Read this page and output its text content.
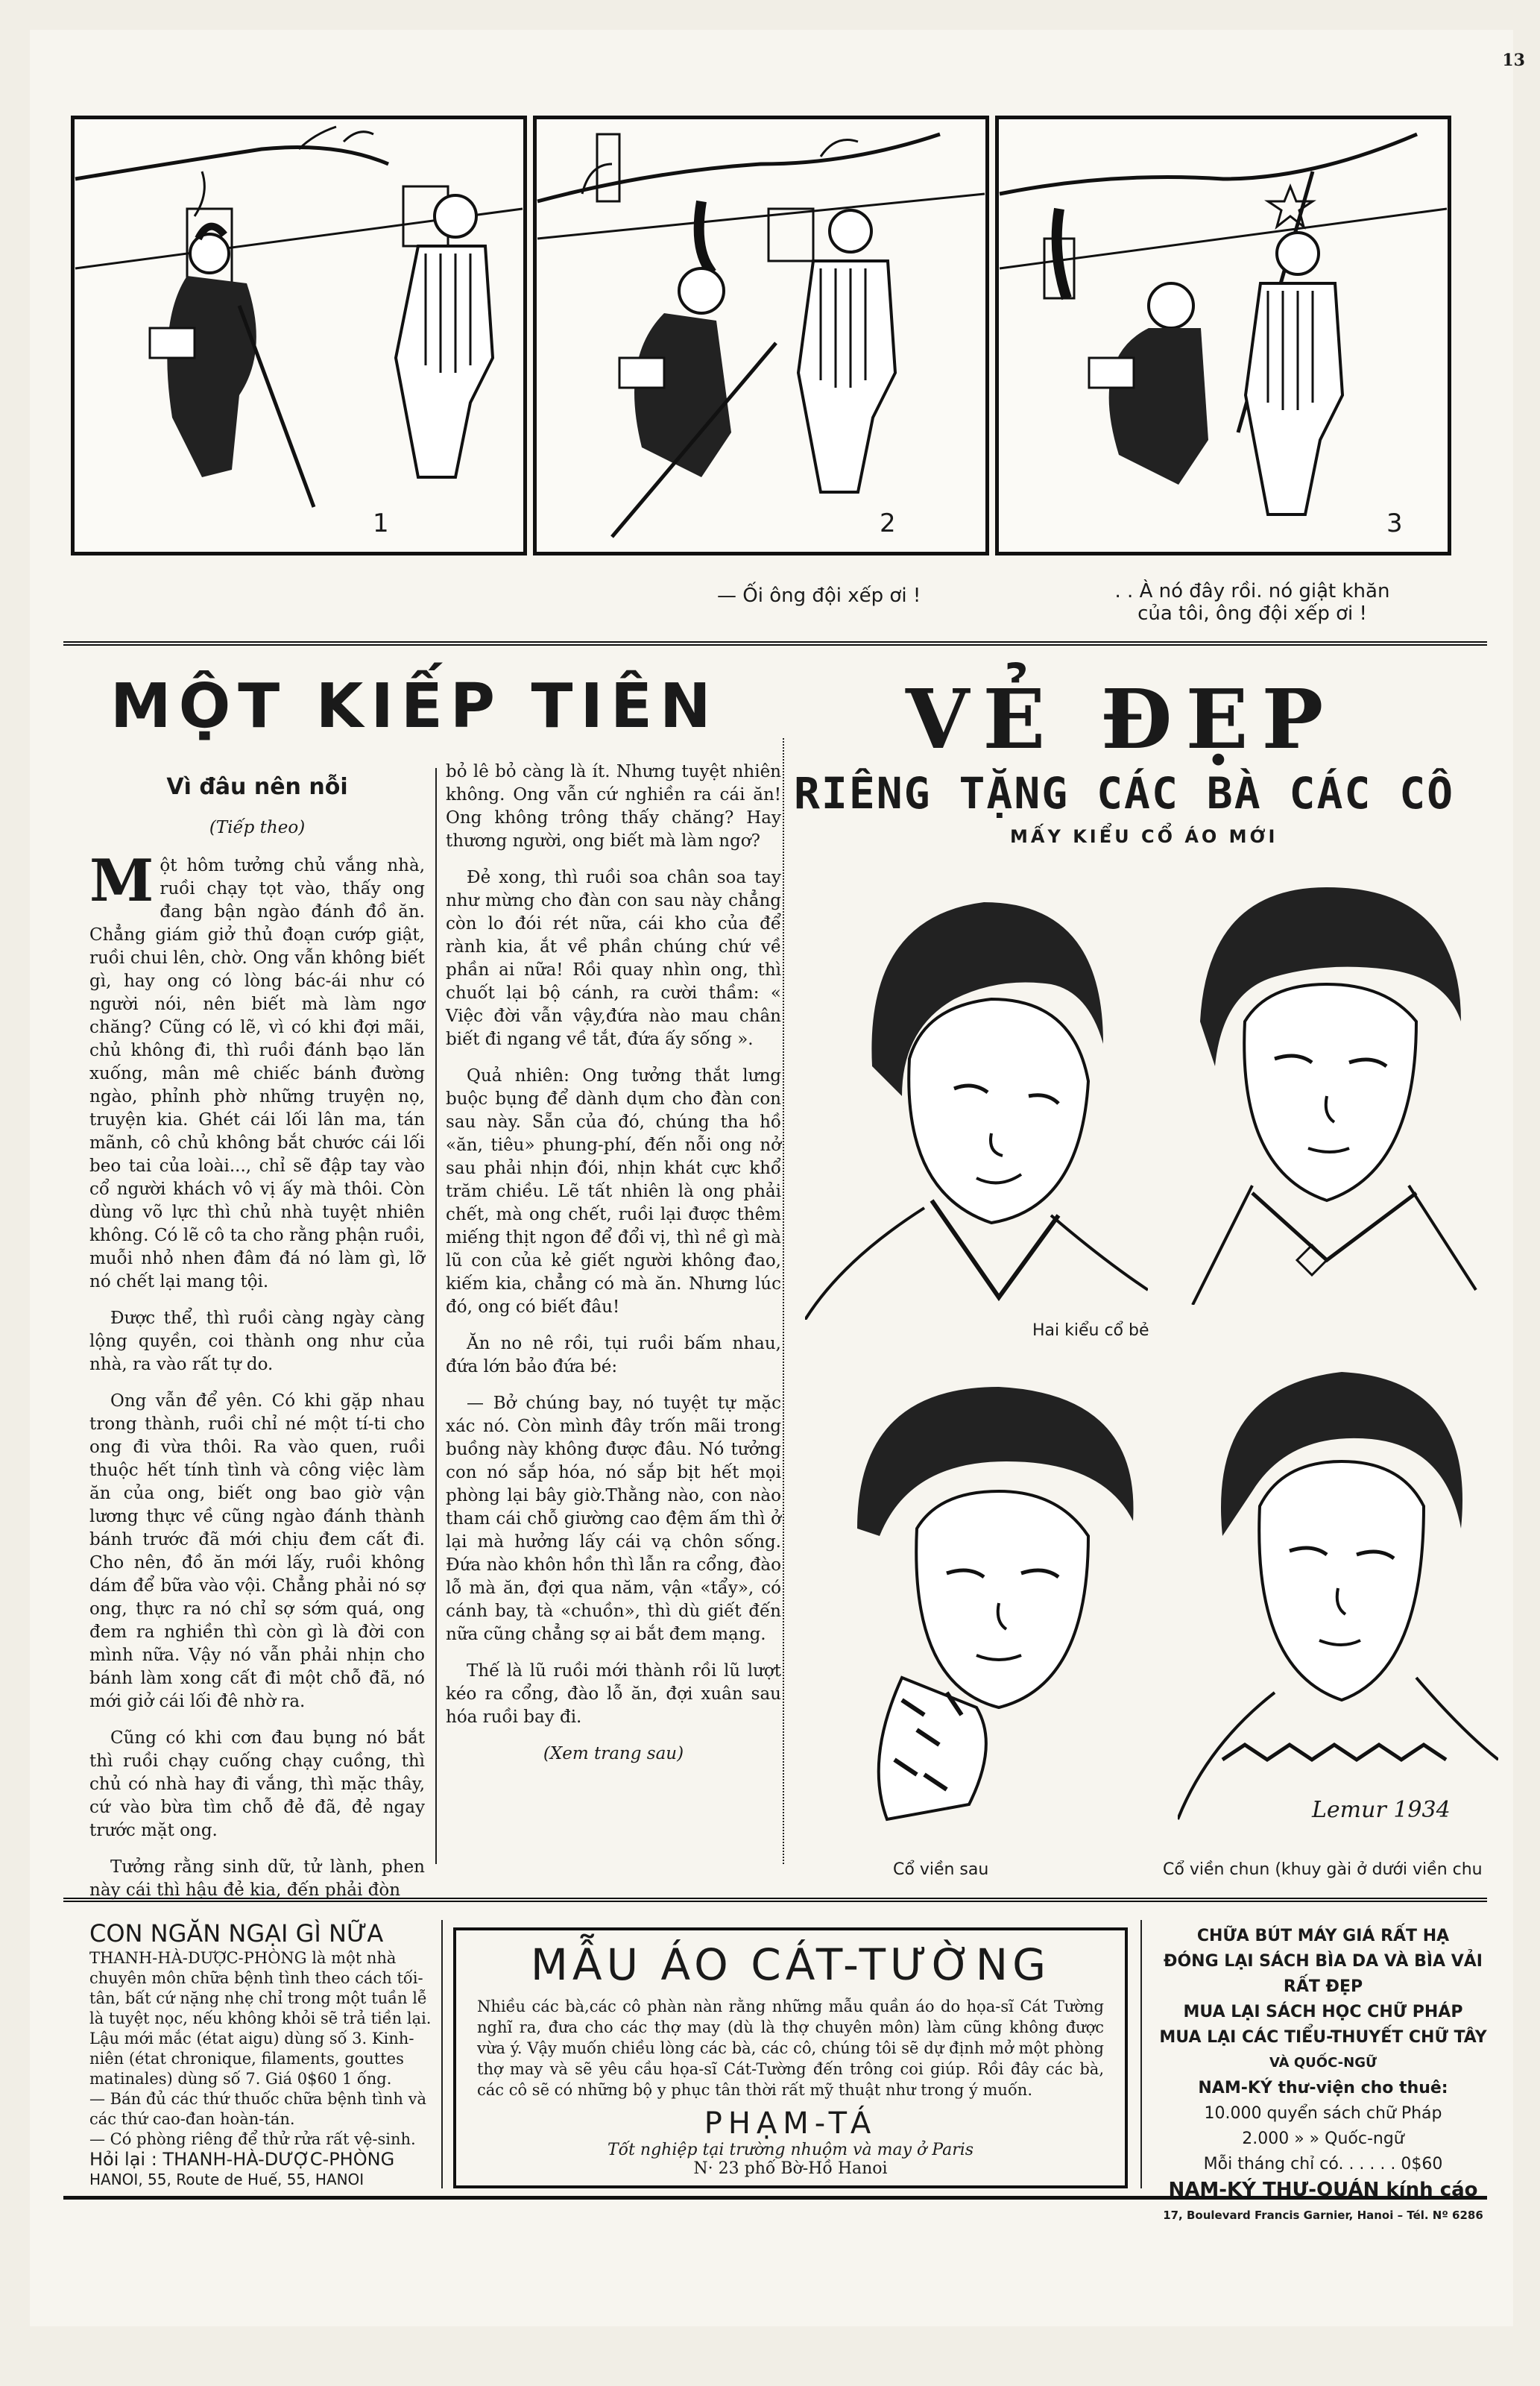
13
1	2	3
— Ối ông đội xếp ơi !	. . À nó đây rồi. nó giật khăn
của tôi, ông đội xếp ơi !
MỘT KIẾP TIÊN
Vì đâu nên nỗi
(Tiếp theo)

Một hôm tưởng chủ vắng nhà, ruồi chạy tọt vào, thấy ong đang bận ngào đánh đồ ăn. Chẳng giám giở thủ đoạn cướp giật, ruồi chui lên, chờ. Ong vẫn không biết gì, hay ong có lòng bác-ái như có người nói, nên biết mà làm ngơ chăng? Cũng có lẽ, vì có khi đợi mãi, chủ không đi, thì ruồi đánh bạo lăn xuống, mân mê chiếc bánh đường ngào, phỉnh phờ những truyện nọ, truyện kia. Ghét cái lối lân ma, tán mãnh, cô chủ không bắt chước cái lối beo tai của loài..., chỉ sẽ đập tay vào cổ người khách vô vị ấy mà thôi. Còn dùng võ lực thì chủ nhà tuyệt nhiên không. Có lẽ cô ta cho rằng phận ruồi, muỗi nhỏ nhen đâm đá nó làm gì, lỡ nó chết lại mang tội.

Được thể, thì ruồi càng ngày càng lộng quyền, coi thành ong như của nhà, ra vào rất tự do.

Ong vẫn để yên. Có khi gặp nhau trong thành, ruồi chỉ né một tí-ti cho ong đi vừa thôi. Ra vào quen, ruồi thuộc hết tính tình và công việc làm ăn của ong, biết ong bao giờ vận lương thực về cũng ngào đánh thành bánh trước đã mới chịu đem cất đi. Cho nên, đồ ăn mới lấy, ruồi không dám để bữa vào vội. Chẳng phải nó sợ ong, thực ra nó chỉ sợ sớm quá, ong đem ra nghiền thì còn gì là đời con mình nữa. Vậy nó vẫn phải nhịn cho bánh làm xong cất đi một chỗ đã, nó mới giở cái lối đê nhờ ra.

Cũng có khi cơn đau bụng nó bắt thì ruồi chạy cuống chạy cuồng, thì chủ có nhà hay đi vắng, thì mặc thây, cứ vào bừa tìm chỗ đẻ đã, đẻ ngay trước mặt ong.

Tưởng rằng sinh dữ, tử lành, phen này cái thì hậu đẻ kia, đến phải đòn

bỏ lê bỏ càng là ít. Nhưng tuyệt nhiên không. Ong vẫn cứ nghiền ra cái ăn! Ong không trông thấy chăng? Hay thương người, ong biết mà làm ngơ?

Đẻ xong, thì ruồi soa chân soa tay như mừng cho đàn con sau này chẳng còn lo đói rét nữa, cái kho của để rành kia, ắt về phần chúng chứ về phần ai nữa! Rồi quay nhìn ong, thì chuốt lại bộ cánh, ra cười thầm: « Việc đời vẫn vậy,đứa nào mau chân biết đi ngang về tắt, đứa ấy sống ».

Quả nhiên: Ong tưởng thắt lưng buộc bụng để dành dụm cho đàn con sau này. Sẵn của đó, chúng tha hồ «ăn, tiêu» phung-phí, đến nỗi ong nở sau phải nhịn đói, nhịn khát cực khổ trăm chiều. Lẽ tất nhiên là ong phải chết, mà ong chết, ruồi lại được thêm miếng thịt ngon để đổi vị, thì nề gì mà lũ con của kẻ giết người không đao, kiếm kia, chẳng có mà ăn. Nhưng lúc đó, ong có biết đâu!

Ăn no nê rồi, tụi ruồi bấm nhau, đứa lớn bảo đứa bé:

— Bở chúng bay, nó tuyệt tự mặc xác nó. Còn mình đây trốn mãi trong buồng này không được đâu. Nó tưởng con nó sắp hóa, nó sắp bịt hết mọi phòng lại bây giờ.Thằng nào, con nào tham cái chỗ giường cao đệm ấm thì ở lại mà hưởng lấy cái vạ chôn sống. Đứa nào khôn hồn thì lẫn ra cổng, đào lỗ mà ăn, đợi qua năm, vận «tẩy», có cánh bay, tà «chuồn», thì dù giết đến nữa cũng chẳng sợ ai bắt đem mạng.

Thế là lũ ruồi mới thành rồi lũ lượt kéo ra cổng, đào lỗ ăn, đợi xuân sau hóa ruồi bay đi.

(Xem trang sau)

VẺ ĐẸP
RIÊNG TẶNG CÁC BÀ CÁC CÔ
MẤY KIỂU CỔ ÁO MỚI
Hai kiểu cổ bẻ
Lemur 1934
Cổ viền sau	Cổ viền chun (khuy gài ở dưới viền chu
CON NGĂN NGẠI GÌ NỮA
THANH-HÀ-DƯỢC-PHÒNG là một nhà chuyên môn chữa bệnh tình theo cách tối-tân, bất cứ nặng nhẹ chỉ trong một tuần lễ là tuyệt nọc, nếu không khỏi sẽ trả tiền lại.
Lậu mới mắc (état aigu) dùng số 3. Kinh-niên (état chronique, filaments, gouttes matinales) dùng số 7. Giá 0$60 1 ống.
— Bán đủ các thứ thuốc chữa bệnh tình và các thứ cao-đan hoàn-tán.
— Có phòng riêng để thử rửa rất vệ-sinh.
Hỏi lại : THANH-HÀ-DƯỢC-PHÒNG
HANOI, 55, Route de Huế, 55, HANOI
MẪU ÁO CÁT-TƯỜNG
Nhiều các bà,các cô phàn nàn rằng những mẫu quần áo do họa-sĩ Cát Tường nghĩ ra, đưa cho các thợ may (dù là thợ chuyên môn) làm cũng không được vừa ý. Vậy muốn chiều lòng các bà, các cô, chúng tôi sẽ dự định mở một phòng thợ may và sẽ yêu cầu họa-sĩ Cát-Tường đến trông coi giúp. Rồi đây các bà, các cô sẽ có những bộ y phục tân thời rất mỹ thuật như trong ý muốn.
PHẠM-TÁ
Tốt nghiệp tại trường nhuộm và may ở Paris
N· 23 phố Bờ-Hồ Hanoi
CHỮA BÚT MÁY GIÁ RẤT HẠ
ĐÓNG LẠI SÁCH BÌA DA VÀ BÌA VẢI RẤT ĐẸP
MUA LẠI SÁCH HỌC CHỮ PHÁP
MUA LẠI CÁC TIỂU-THUYẾT CHỮ TÂY
VÀ QUỐC-NGỮ
NAM-KÝ thư-viện cho thuê:
10.000 quyển sách chữ Pháp
2.000 » » Quốc-ngữ
Mỗi tháng chỉ có. . . . . . 0$60
NAM-KÝ THƯ-QUÁN kính cáo
17, Boulevard Francis Garnier, Hanoi – Tél. Nº 6286
